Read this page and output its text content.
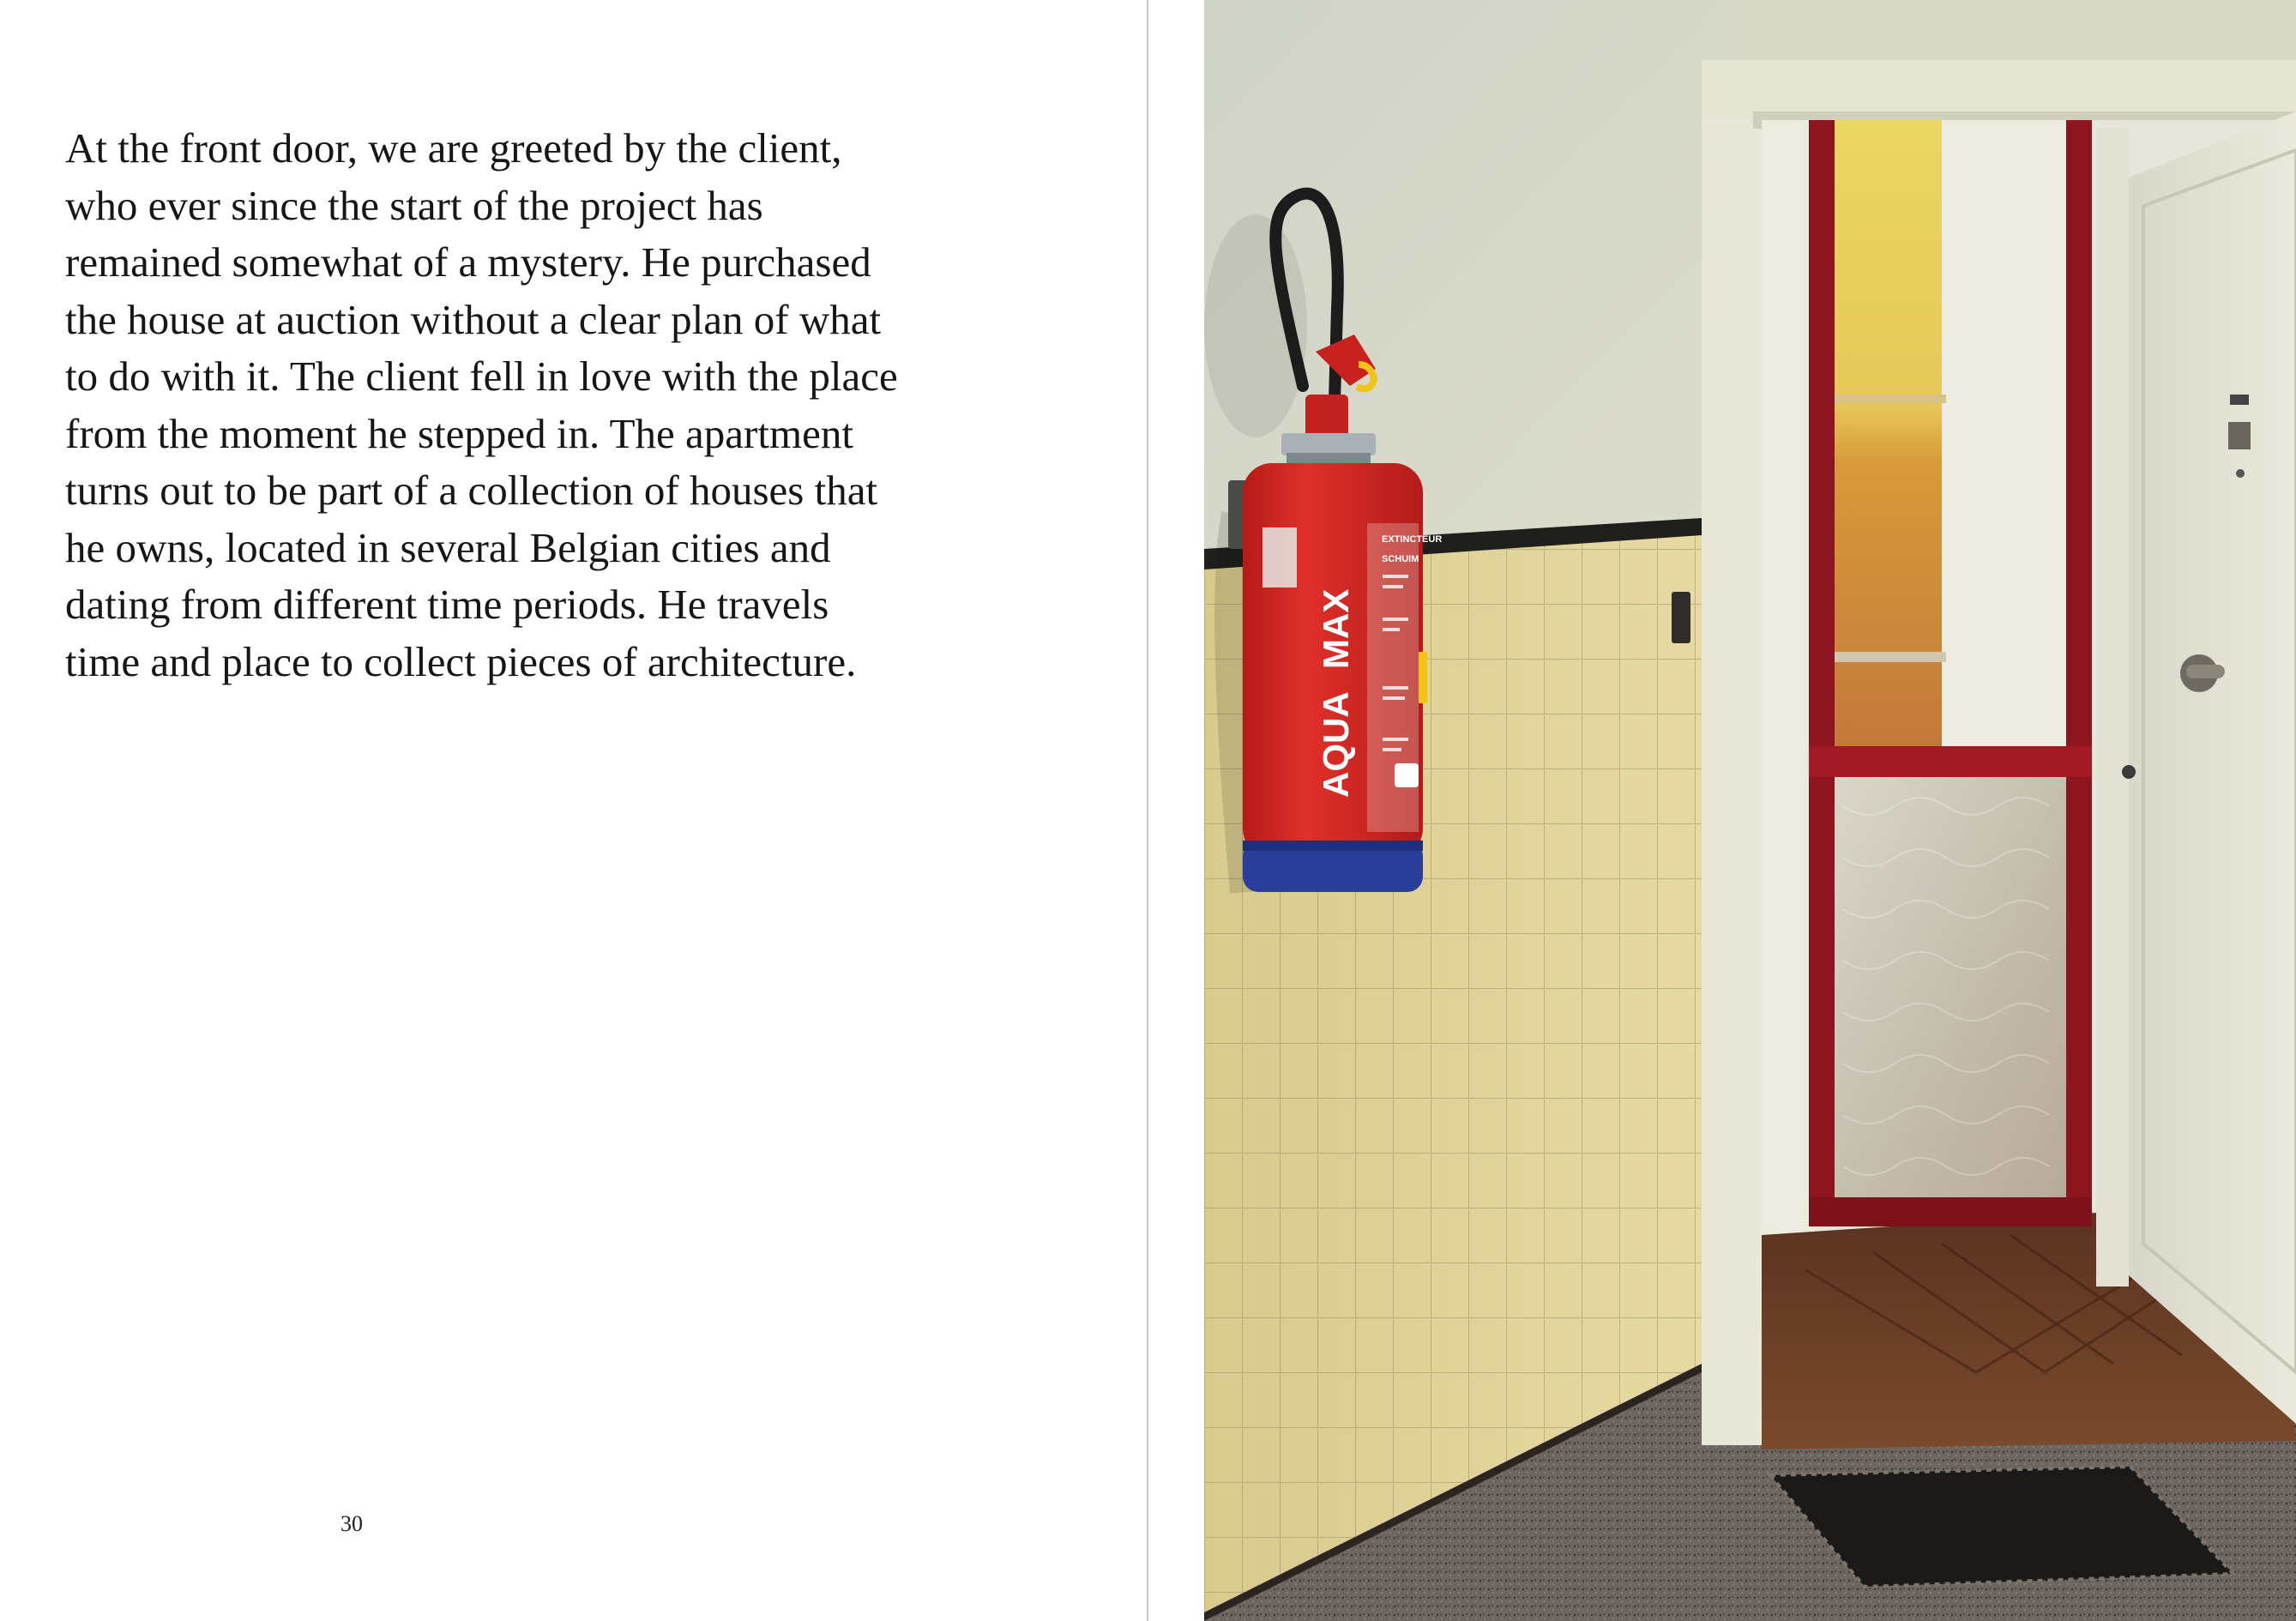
At the front door, we are greeted by the client,
who ever since the start of the project has
remained somewhat of a mystery. He purchased
the house at auction without a clear plan of what
to do with it. The client fell in love with the place
from the moment he stepped in. The apartment
turns out to be part of a collection of houses that
he owns, located in several Belgian cities and
dating from different time periods. He travels
time and place to collect pieces of architecture.

30
AQUA
MAX
EXTINCTEUR
SCHUIM
